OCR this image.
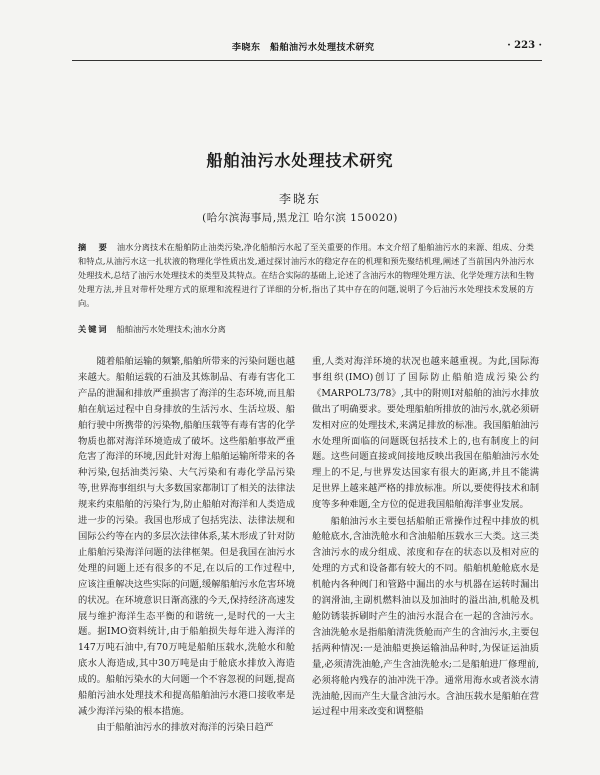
李晓东　船舶油污水处理技术研究	· 223 ·
船舶油污水处理技术研究
李晓东
(哈尔滨海事局,黑龙江 哈尔滨 150020)
摘　要 油水分离技术在船舶防止油类污染,净化船舶污水起了至关重要的作用。本文介绍了船舶油污水的来源、组成、分类和特点,从油污水这一扎状液的物理化学性质出发,通过探讨油污水的稳定存在的机理和预先聚结机理,阐述了当前国内外油污水处理技术,总结了油污水处理技术的类型及其特点。在结合实际的基础上,论述了含油污水的物理处理方法、化学处理方法和生物处理方法,并且对带杆处理方式的原理和流程进行了详细的分析,指出了其中存在的问题,说明了今后油污水处理技术发展的方向。
关键词 船舶油污水处理技术;油水分离

随着船舶运输的频繁,船舶所带来的污染问题也越来越大。船舶运载的石油及其炼制品、有毒有害化工产品的泄漏和排放严重损害了海洋的生态环境,而且船舶在航运过程中自身排放的生活污水、生活垃圾、船舶行驶中所携带的污染物,船舶压载等有毒有害的化学物质也都对海洋环境造成了破坏。这些船舶事故严重危害了海洋的环境,因此针对海上船舶运输所带来的各种污染,包括油类污染、大气污染和有毒化学品污染等,世界海事组织与大多数国家都制订了相关的法律法规来约束船舶的污染行为,防止船舶对海洋和人类造成进一步的污染。我国也形成了包括宪法、法律法规和国际公约等在内的多层次法律体系,某木形成了针对防止船舶污染海洋问题的法律框架。但是我国在油污水处理的问题上还有很多的不足,在以后的工作过程中,应该注重解决这些实际的问题,缓解船舶污水危害环境的状况。在环境意识日渐高涨的今天,保持经济高速发展与维护海洋生态平衡的和谐统一,是时代的一大主题。据IMO资料统计,由于船舶损失每年进入海洋的147万吨石油中,有70万吨是船舶压载水,洗舱水和舱底水人海造成,其中30万吨是由于舱底水排放入海造成的。船舶污染水的大问题一个不容忽视的问题,提高船舶污油水处理技术和提高船舶油污水港口接收率是减少海洋污染的根本措施。

由于船舶油污水的排放对海洋的污染日趋严

重,人类对海洋环境的状况也越来越重视。为此,国际海事组织(IMO)创订了国际防止船舶造成污染公约　《MARPOL73/78》,其中的附则Ⅰ对船舶的油污水排放做出了明确要求。要处理船舶所排放的油污水,就必须研发相对应的处理技术,来满足排放的标准。我国船舶油污水处理所面临的问题既包括技术上的,也有制度上的问题。这些问题直接或间接地反映出我国在船舶油污水处理上的不足,与世界发达国家有很大的距离,并且不能满足世界上越来越严格的排放标准。所以,要使得技术和制度等多种难题,全方位的促进我国船舶海洋事业发展。

船舶油污水主要包括船舶正常操作过程中排放的机舱舱底水,含油洗舱水和含油船舶压载水三大类。这三类含油污水的成分组成、浓度和存在的状态以及相对应的处理的方式和设备都有较大的不同。船舶机舱舱底水是机舱内各种阀门和管路中漏出的水与机器在运转时漏出的润滑油,主副机燃料油以及加油时的溢出油,机舱及机舱防锈装拆刷时产生的油污水混合在一起的含油污水。含油洗舱水是指船舶清洗货舱而产生的含油污水,主要包括两种情况:一是油船更换运输油品种时,为保证运油质量,必须清洗油舱,产生含油洗舱水;二是船舶进厂修理前,必须将舱内残存的油冲洗干净。通常用海水或者淡水清洗油舱,因而产生大量含油污水。含油压载水是船舶在营运过程中用来改变和调整船
